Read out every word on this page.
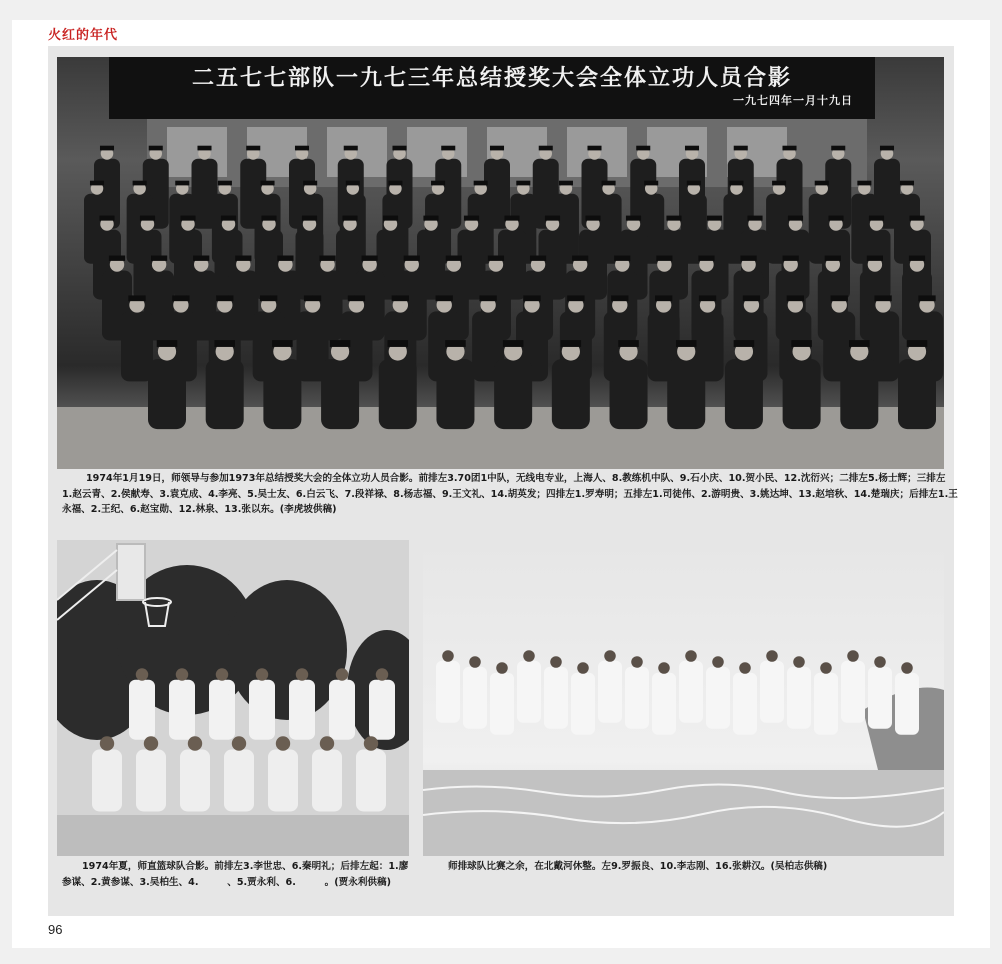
火红的年代
二五七七部队一九七三年总结授奖大会全体立功人员合影
一九七四年一月十九日
1974年1月19日，师领导与参加1973年总结授奖大会的全体立功人员合影。前排左3.70团1中队，无线电专业，上海人、8.教练机中队、9.石小庆、10.贺小民、12.沈衍兴；二排左5.杨士辉；三排左
1.赵云青、2.侯献寿、3.袁克成、4.李亮、5.吴士友、6.白云飞、7.段祥禄、8.杨志福、9.王文礼、14.胡英发；四排左1.罗寿明；五排左1.司徒伟、2.游明贵、3.姚达坤、13.赵培秋、14.楚瑞庆；后排左1.王
永福、2.王纪、6.赵宝勋、12.林泉、13.张以东。(李虎坡供稿)
1974年夏，师直篮球队合影。前排左3.李世忠、6.秦明礼；后排左起：1.廖
参谋、2.黄参谋、3.吴柏生、4.　　　、5.贾永利、6.　　　。(贾永利供稿)
师排球队比赛之余，在北戴河休整。左9.罗振良、10.李志刚、16.张耕汉。(吴柏志供稿)
96
